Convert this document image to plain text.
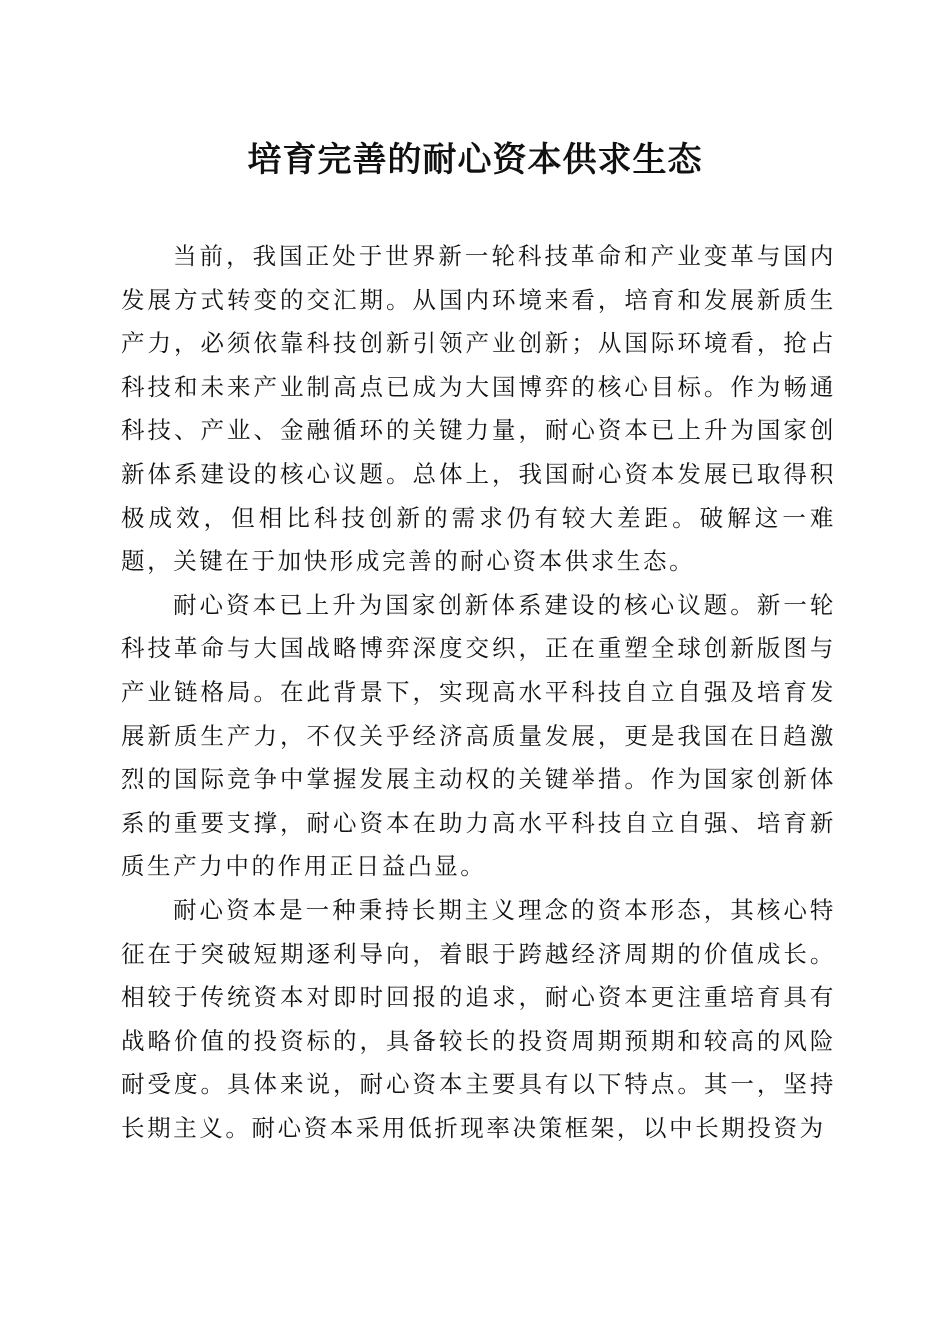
培育完善的耐心资本供求生态

当前，我国正处于世界新一轮科技革命和产业变革与国内发展方式转变的交汇期。从国内环境来看，培育和发展新质生产力，必须依靠科技创新引领产业创新；从国际环境看，抢占科技和未来产业制高点已成为大国博弈的核心目标。作为畅通科技、产业、金融循环的关键力量，耐心资本已上升为国家创新体系建设的核心议题。总体上，我国耐心资本发展已取得积极成效，但相比科技创新的需求仍有较大差距。破解这一难题，关键在于加快形成完善的耐心资本供求生态。

耐心资本已上升为国家创新体系建设的核心议题。新一轮科技革命与大国战略博弈深度交织，正在重塑全球创新版图与产业链格局。在此背景下，实现高水平科技自立自强及培育发展新质生产力，不仅关乎经济高质量发展，更是我国在日趋激烈的国际竞争中掌握发展主动权的关键举措。作为国家创新体系的重要支撑，耐心资本在助力高水平科技自立自强、培育新质生产力中的作用正日益凸显。

耐心资本是一种秉持长期主义理念的资本形态，其核心特征在于突破短期逐利导向，着眼于跨越经济周期的价值成长。相较于传统资本对即时回报的追求，耐心资本更注重培育具有战略价值的投资标的，具备较长的投资周期预期和较高的风险耐受度。具体来说，耐心资本主要具有以下特点。其一，坚持长期主义。耐心资本采用低折现率决策框架，以中长期投资为
